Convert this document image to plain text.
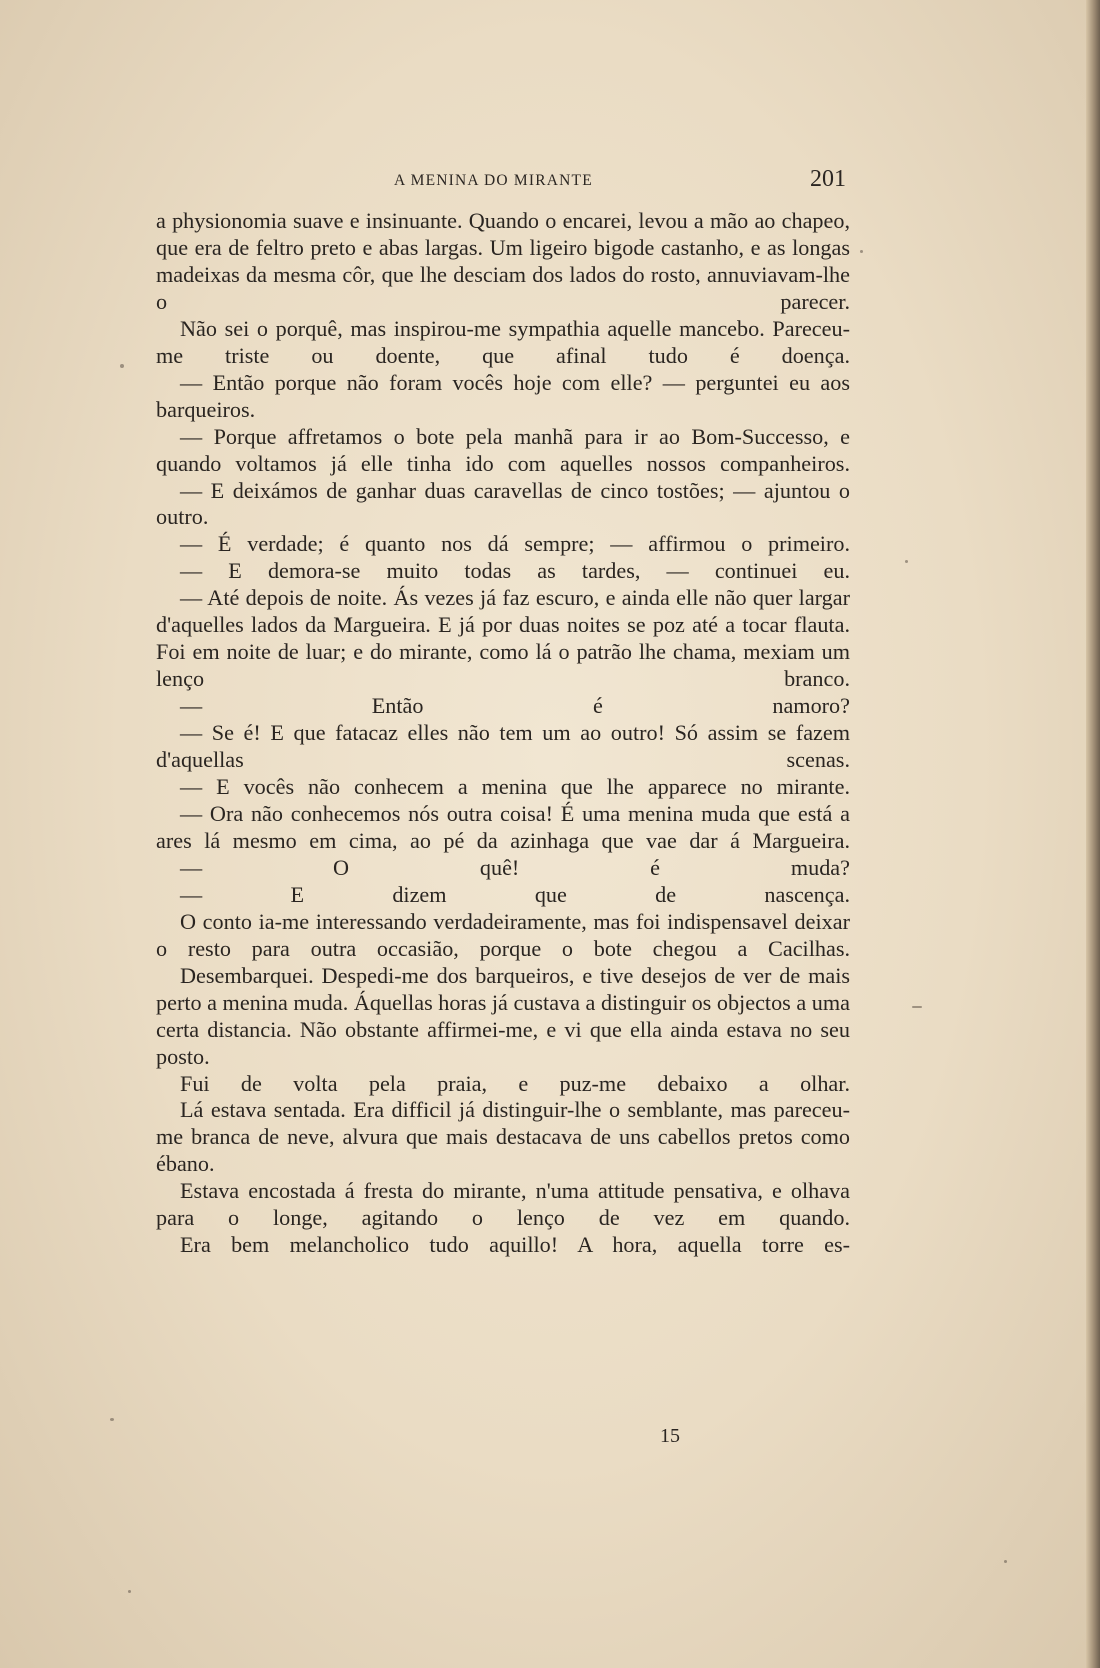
A MENINA DO MIRANTE	201

a physionomia suave e insinuante. Quando o encarei, levou a mão ao chapeo, que era de feltro preto e abas largas. Um ligeiro bigode castanho, e as longas madeixas da mesma côr, que lhe desciam dos lados do rosto, annuviavam-lhe o parecer.

Não sei o porquê, mas inspirou-me sympathia aquelle mancebo. Pareceu-me triste ou doente, que afinal tudo é doença.

— Então porque não foram vocês hoje com elle? — perguntei eu aos barqueiros.

— Porque affretamos o bote pela manhã para ir ao Bom-Successo, e quando voltamos já elle tinha ido com aquelles nossos companheiros.

— E deixámos de ganhar duas caravellas de cinco tostões; — ajuntou o outro.

— É verdade; é quanto nos dá sempre; — affirmou o primeiro.

— E demora-se muito todas as tardes, — continuei eu.

— Até depois de noite. Ás vezes já faz escuro, e ainda elle não quer largar d'aquelles lados da Margueira. E já por duas noites se poz até a tocar flauta. Foi em noite de luar; e do mirante, como lá o patrão lhe chama, mexiam um lenço branco.

— Então é namoro?

— Se é! E que fatacaz elles não tem um ao outro! Só assim se fazem d'aquellas scenas.

— E vocês não conhecem a menina que lhe apparece no mirante.

— Ora não conhecemos nós outra coisa! É uma menina muda que está a ares lá mesmo em cima, ao pé da azinhaga que vae dar á Margueira.

— O quê! é muda?

— E dizem que de nascença.

O conto ia-me interessando verdadeiramente, mas foi indispensavel deixar o resto para outra occasião, porque o bote chegou a Cacilhas.

Desembarquei. Despedi-me dos barqueiros, e tive desejos de ver de mais perto a menina muda. Áquellas horas já custava a distinguir os objectos a uma certa distancia. Não obstante affirmei-me, e vi que ella ainda estava no seu posto.

Fui de volta pela praia, e puz-me debaixo a olhar.

Lá estava sentada. Era difficil já distinguir-lhe o semblante, mas pareceu-me branca de neve, alvura que mais destacava de uns cabellos pretos como ébano.

Estava encostada á fresta do mirante, n'uma attitude pensativa, e olhava para o longe, agitando o lenço de vez em quando.

Era bem melancholico tudo aquillo! A hora, aquella torre es-

15
